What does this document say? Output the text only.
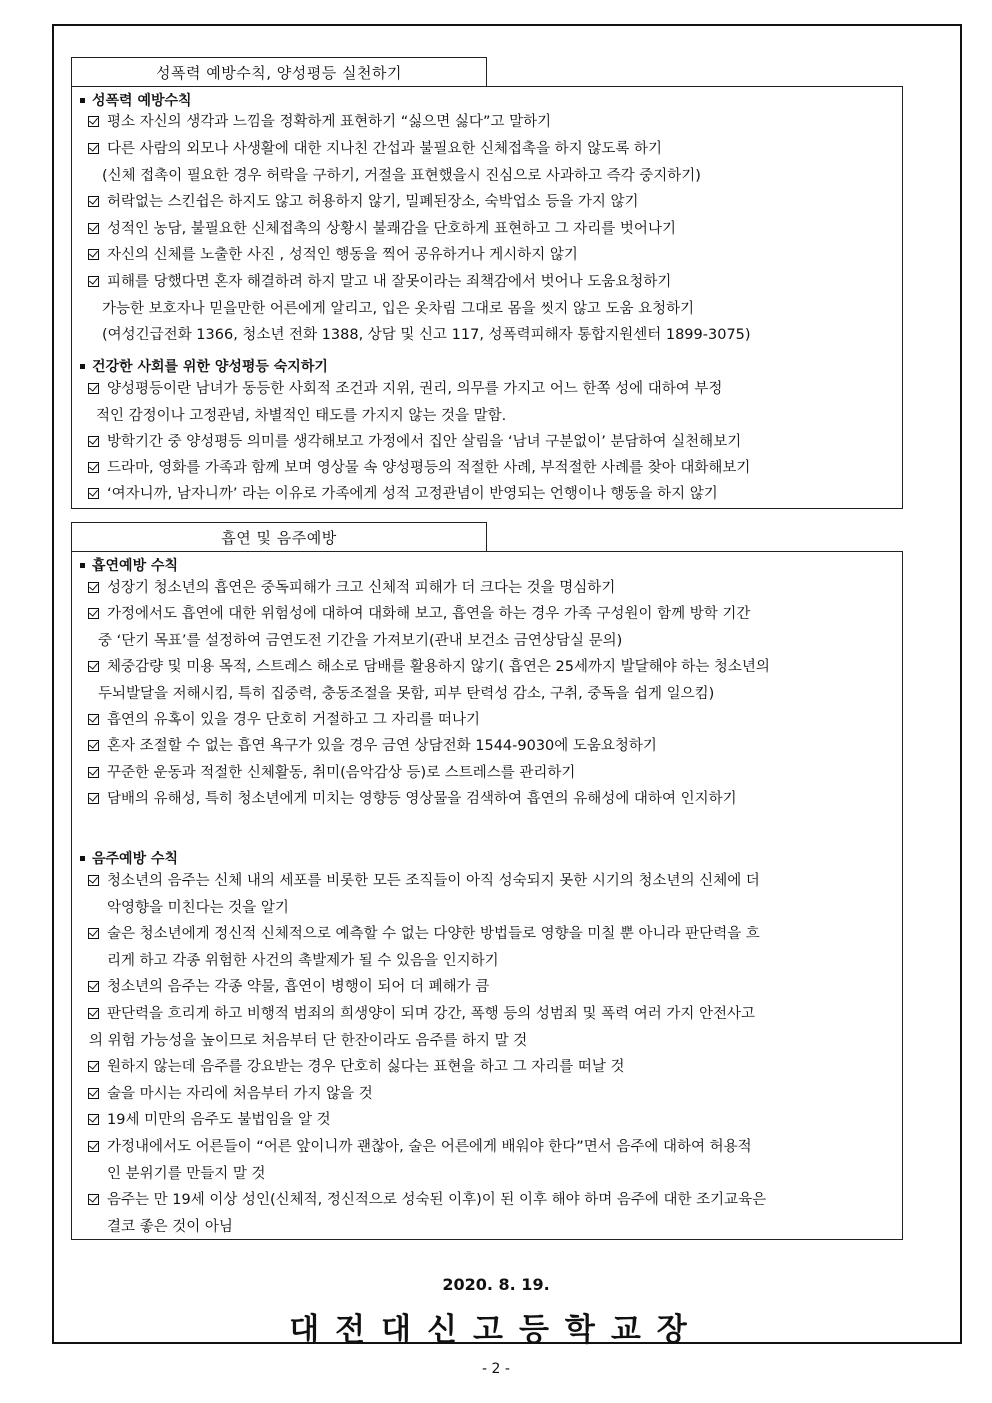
성폭력 예방수칙, 양성평등 실천하기
성폭력 예방수칙
평소 자신의 생각과 느낌을 정확하게 표현하기 “싫으면 싫다”고 말하기
다른 사람의 외모나 사생활에 대한 지나친 간섭과 불필요한 신체접촉을 하지 않도록 하기
(신체 접촉이 필요한 경우 허락을 구하기, 거절을 표현했을시 진심으로 사과하고 즉각 중지하기)
허락없는 스킨쉽은 하지도 않고 허용하지 않기, 밀폐된장소, 숙박업소 등을 가지 않기
성적인 농담, 불필요한 신체접촉의 상황시 불쾌감을 단호하게 표현하고 그 자리를 벗어나기
자신의 신체를 노출한 사진 , 성적인 행동을 찍어 공유하거나 게시하지 않기
피해를 당했다면 혼자 해결하려 하지 말고 내 잘못이라는 죄책감에서 벗어나 도움요청하기
가능한 보호자나 믿을만한 어른에게 알리고, 입은 옷차림 그대로 몸을 씻지 않고 도움 요청하기
(여성긴급전화 1366, 청소년 전화 1388, 상담 및 신고 117, 성폭력피해자 통합지원센터 1899-3075)
건강한 사회를 위한 양성평등 숙지하기
양성평등이란 남녀가 동등한 사회적 조건과 지위, 권리, 의무를 가지고 어느 한쪽 성에 대하여 부정
적인 감정이나 고정관념, 차별적인 태도를 가지지 않는 것을 말함.
방학기간 중 양성평등 의미를 생각해보고 가정에서 집안 살림을 ‘남녀 구분없이’ 분담하여 실천해보기
드라마, 영화를 가족과 함께 보며 영상물 속 양성평등의 적절한 사례, 부적절한 사례를 찾아 대화해보기
‘여자니까, 남자니까’ 라는 이유로 가족에게 성적 고정관념이 반영되는 언행이나 행동을 하지 않기
흡연 및 음주예방
흡연예방 수칙
성장기 청소년의 흡연은 중독피해가 크고 신체적 피해가 더 크다는 것을 명심하기
가정에서도 흡연에 대한 위험성에 대하여 대화해 보고, 흡연을 하는 경우 가족 구성원이 함께 방학 기간
중 ‘단기 목표’를 설정하여 금연도전 기간을 가져보기(관내 보건소 금연상담실 문의)
체중감량 및 미용 목적, 스트레스 해소로 담배를 활용하지 않기( 흡연은 25세까지 발달해야 하는 청소년의
두뇌발달을 저해시킴, 특히 집중력, 충동조절을 못함, 피부 탄력성 감소, 구취, 중독을 쉽게 일으킴)
흡연의 유혹이 있을 경우 단호히 거절하고 그 자리를 떠나기
혼자 조절할 수 없는 흡연 욕구가 있을 경우 금연 상담전화 1544-9030에 도움요청하기
꾸준한 운동과 적절한 신체활동, 취미(음악감상 등)로 스트레스를 관리하기
담배의 유해성, 특히 청소년에게 미치는 영향등 영상물을 검색하여 흡연의 유해성에 대하여 인지하기
음주예방 수칙
청소년의 음주는 신체 내의 세포를 비롯한 모든 조직들이 아직 성숙되지 못한 시기의 청소년의 신체에 더
악영향을 미친다는 것을 알기
술은 청소년에게 정신적 신체적으로 예측할 수 없는 다양한 방법들로 영향을 미칠 뿐 아니라 판단력을 흐
리게 하고 각종 위험한 사건의 촉발제가 될 수 있음을 인지하기
청소년의 음주는 각종 약물, 흡연이 병행이 되어 더 폐해가 큼
판단력을 흐리게 하고 비행적 범죄의 희생양이 되며 강간, 폭행 등의 성범죄 및 폭력 여러 가지 안전사고
의 위험 가능성을 높이므로 처음부터 단 한잔이라도 음주를 하지 말 것
원하지 않는데 음주를 강요받는 경우 단호히 싫다는 표현을 하고 그 자리를 떠날 것
술을 마시는 자리에 처음부터 가지 않을 것
19세 미만의 음주도 불법임을 알 것
가정내에서도 어른들이 “어른 앞이니까 괜찮아, 술은 어른에게 배워야 한다”면서 음주에 대하여 허용적
인 분위기를 만들지 말 것
음주는 만 19세 이상 성인(신체적, 정신적으로 성숙된 이후)이 된 이후 해야 하며 음주에 대한 조기교육은
결코 좋은 것이 아님
2020. 8. 19.
대전대신고등학교장
- 2 -
